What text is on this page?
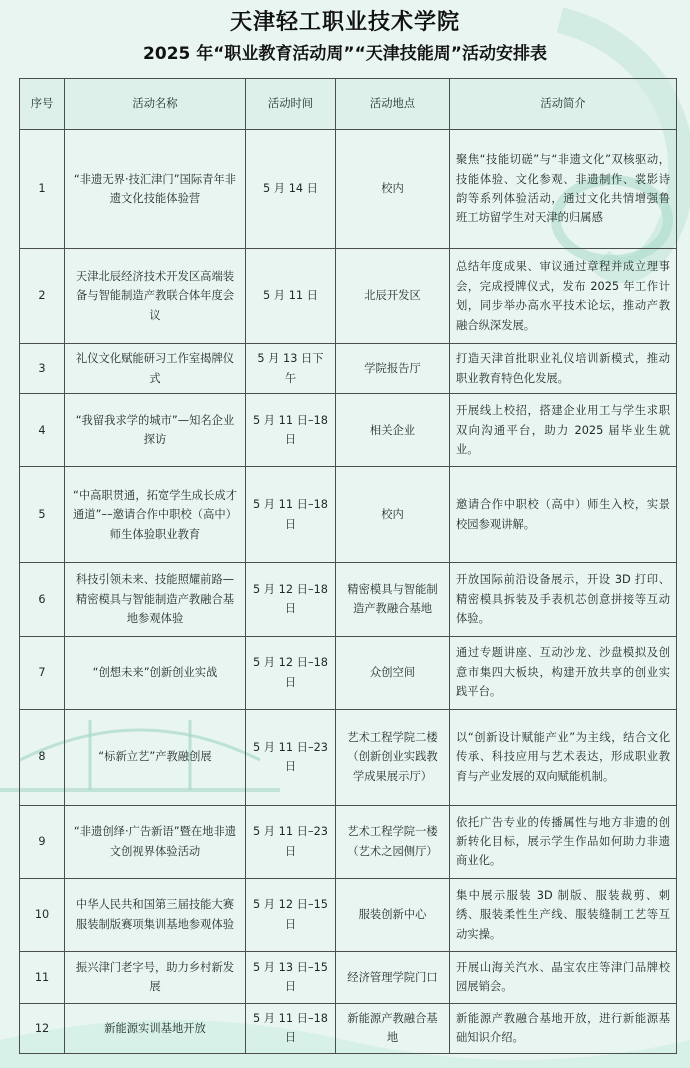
天津轻工职业技术学院
2025 年“职业教育活动周”“天津技能周”活动安排表
序号	活动名称	活动时间	活动地点	活动简介
1	“非遗无界·技汇津门”国际青年非遗文化技能体验营	5 月 14 日	校内	聚焦“技能切磋”与“非遗文化”双核驱动，技能体验、文化参观、非遗制作、裳影诗韵等系列体验活动，通过文化共情增强鲁班工坊留学生对天津的归属感
2	天津北辰经济技术开发区高端装备与智能制造产教联合体年度会议	5 月 11 日	北辰开发区	总结年度成果、审议通过章程并成立理事会，完成授牌仪式，发布 2025 年工作计划，同步举办高水平技术论坛，推动产教融合纵深发展。
3	礼仪文化赋能研习工作室揭牌仪式	5 月 13 日下午	学院报告厅	打造天津首批职业礼仪培训新模式，推动职业教育特色化发展。
4	“我留我求学的城市”—知名企业探访	5 月 11 日–18 日	相关企业	开展线上校招，搭建企业用工与学生求职双向沟通平台，助力 2025 届毕业生就业。
5	“中高职贯通，拓宽学生成长成才通道”––邀请合作中职校（高中）师生体验职业教育	5 月 11 日–18 日	校内	邀请合作中职校（高中）师生入校，实景校园参观讲解。
6	科技引领未来、技能照耀前路—精密模具与智能制造产教融合基地参观体验	5 月 12 日–18 日	精密模具与智能制造产教融合基地	开放国际前沿设备展示，开设 3D 打印、精密模具拆装及手表机芯创意拼接等互动体验。
7	“创想未来”创新创业实战	5 月 12 日–18 日	众创空间	通过专题讲座、互动沙龙、沙盘模拟及创意市集四大板块，构建开放共享的创业实践平台。
8	“标新立艺”产教融创展	5 月 11 日–23 日	艺术工程学院二楼（创新创业实践教学成果展示厅）	以“创新设计赋能产业”为主线，结合文化传承、科技应用与艺术表达，形成职业教育与产业发展的双向赋能机制。
9	“非遗创绎·广告新语”暨在地非遗文创视界体验活动	5 月 11 日–23 日	艺术工程学院一楼（艺术之园侧厅）	依托广告专业的传播属性与地方非遗的创新转化目标，展示学生作品如何助力非遗商业化。
10	中华人民共和国第三届技能大赛服装制版赛项集训基地参观体验	5 月 12 日–15 日	服装创新中心	集中展示服装 3D 制版、服装裁剪、刺绣、服装柔性生产线、服装缝制工艺等互动实操。
11	振兴津门老字号，助力乡村新发展	5 月 13 日–15 日	经济管理学院门口	开展山海关汽水、晶宝农庄等津门品牌校园展销会。
12	新能源实训基地开放	5 月 11 日–18 日	新能源产教融合基地	新能源产教融合基地开放，进行新能源基础知识介绍。
